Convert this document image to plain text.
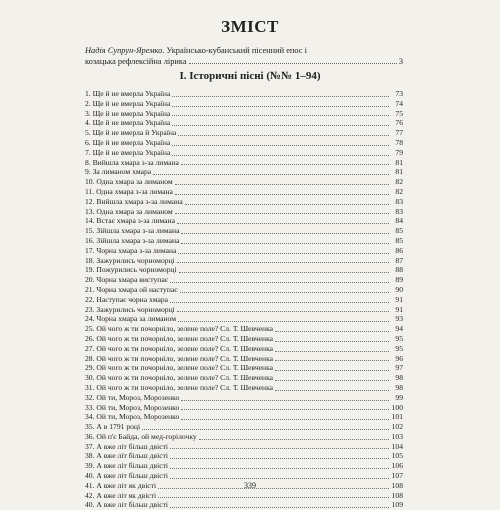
ЗМІСТ
Надія Супрун-Яремко. Українсько-кубанський пісенний епос і
козацька рефлексійна лірика	3
І. Історичні пісні (№№ 1–94)
1. Ще й не вмерла Україна	73
2. Ще й не вмерла Україна	74
3. Ще й не вмерла Україна	75
4. Ще й не вмерла Україна	76
5. Ще й не вмерла й Україна	77
6. Ще й не вмерла Україна	78
7. Ще й не вмерла Україна	79
8. Вийшла хмара з-за лимана	81
9. За лиманом хмара	81
10. Одна хмара за лиманом	82
11. Одна хмара з-за лимана	82
12. Вийшла хмара з-за лимана	83
13. Одна хмара за лиманом	83
14. Встає хмара з-за лимана	84
15. Зійшла хмара з-за лимана	85
16. Зійшла хмара з-за лимана	85
17. Чорна хмара з-за лимана	86
18. Зажурились чорноморці	87
19. Пожурились чорноморці	88
20. Чорна хмара виступає	89
21. Чорна хмара ой наступає	90
22. Наступає чорна хмара	91
23. Зажурились чорноморці	91
24. Чорна хмара за лиманом	93
25. Ой чого ж ти почорніло, зелене поле? Сл. Т. Шевченка	94
26. Ой чого ж ти почорніло, зелене поле? Сл. Т. Шевченка	95
27. Ой чого ж ти почорніло, зелене поле? Сл. Т. Шевченка	95
28. Ой чого ж ти почорніло, зелене поле? Сл. Т. Шевченка	96
29. Ой чого ж ти почорніло, зелене поле? Сл. Т. Шевченка	97
30. Ой чого ж ти почорніло, зелене поле? Сл. Т. Шевченка	98
31. Ой чого ж ти почорніло, зелене поле? Сл. Т. Шевченка	98
32. Ой ти, Мороз, Морозенко	99
33. Ой ти, Мороз, Морозенко	100
34. Ой ти, Мороз, Морозенко	101
35. А в 1791 році	102
36. Ой п'є Байда, ой мед-горілочку	103
37. А вже літ більш двісті	104
38. А вже літ більш двісті	105
39. А вже літ більш двісті	106
40. А вже літ більш двісті	107
41. А вже літ як двісті	108
42. А вже літ як двісті	108
40. А вже літ більш двісті	109
339
